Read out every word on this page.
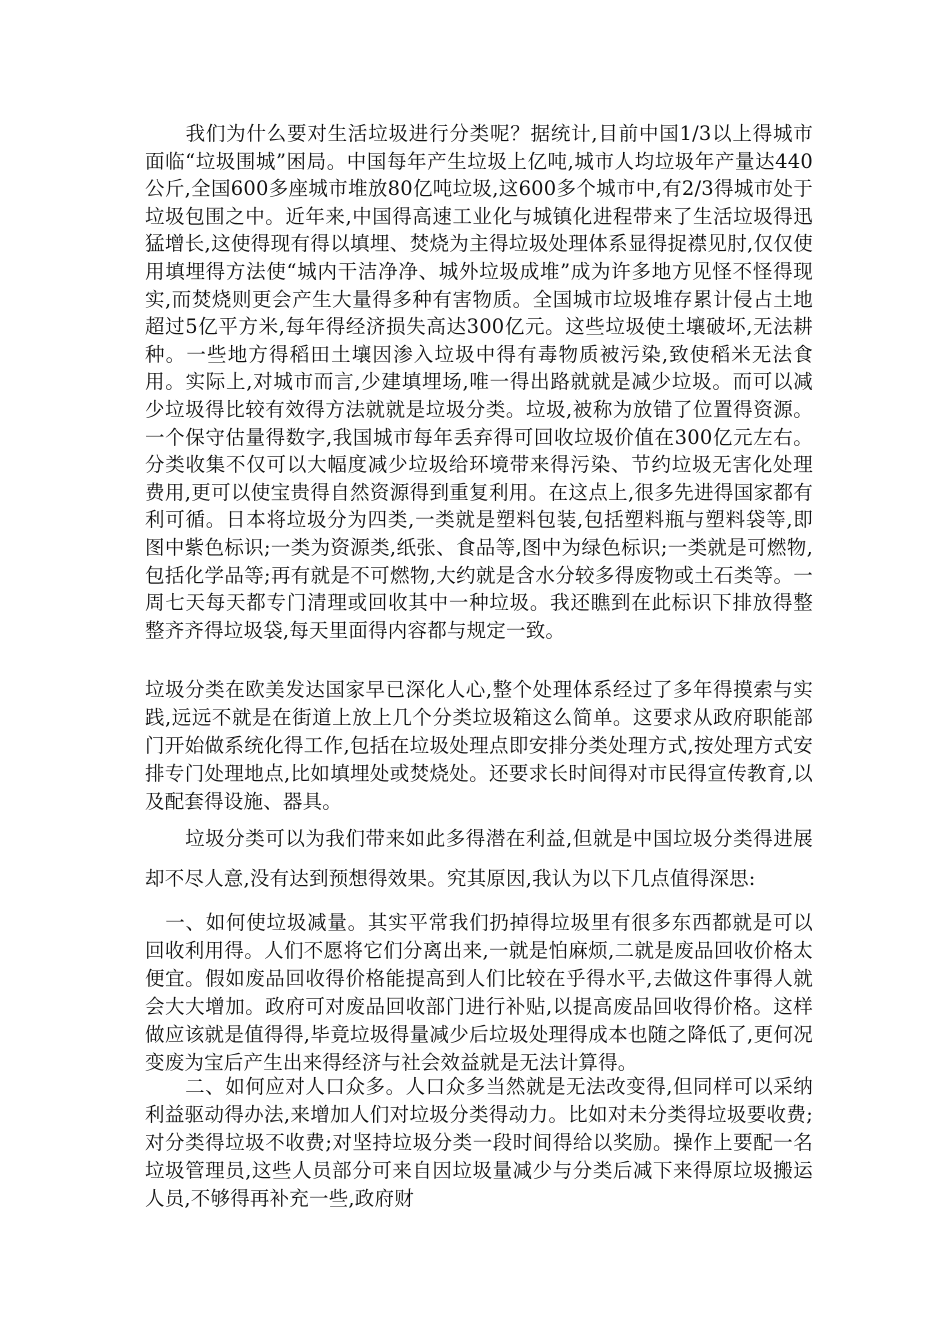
　　我们为什么要对生活垃圾进行分类呢？据统计,目前中国1/3以上得城市面临“垃圾围城”困局。中国每年产生垃圾上亿吨,城市人均垃圾年产量达440公斤,全国600多座城市堆放80亿吨垃圾,这600多个城市中,有2/3得城市处于垃圾包围之中。近年来,中国得高速工业化与城镇化进程带来了生活垃圾得迅猛增长,这使得现有得以填埋、焚烧为主得垃圾处理体系显得捉襟见肘,仅仅使用填埋得方法使“城内干洁净净、城外垃圾成堆”成为许多地方见怪不怪得现实,而焚烧则更会产生大量得多种有害物质。全国城市垃圾堆存累计侵占土地超过5亿平方米,每年得经济损失高达300亿元。这些垃圾使土壤破坏,无法耕种。一些地方得稻田土壤因渗入垃圾中得有毒物质被污染,致使稻米无法食用。实际上,对城市而言,少建填埋场,唯一得出路就就是减少垃圾。而可以减少垃圾得比较有效得方法就就是垃圾分类。垃圾,被称为放错了位置得资源。一个保守估量得数字,我国城市每年丢弃得可回收垃圾价值在300亿元左右。分类收集不仅可以大幅度减少垃圾给环境带来得污染、节约垃圾无害化处理费用,更可以使宝贵得自然资源得到重复利用。在这点上,很多先进得国家都有利可循。日本将垃圾分为四类,一类就是塑料包装,包括塑料瓶与塑料袋等,即图中紫色标识;一类为资源类,纸张、食品等,图中为绿色标识;一类就是可燃物,包括化学品等;再有就是不可燃物,大约就是含水分较多得废物或土石类等。一周七天每天都专门清理或回收其中一种垃圾。我还瞧到在此标识下排放得整整齐齐得垃圾袋,每天里面得内容都与规定一致。

垃圾分类在欧美发达国家早已深化人心,整个处理体系经过了多年得摸索与实践,远远不就是在街道上放上几个分类垃圾箱这么简单。这要求从政府职能部门开始做系统化得工作,包括在垃圾处理点即安排分类处理方式,按处理方式安排专门处理地点,比如填埋处或焚烧处。还要求长时间得对市民得宣传教育,以及配套得设施、器具。

　　垃圾分类可以为我们带来如此多得潜在利益,但就是中国垃圾分类得进展却不尽人意,没有达到预想得效果。究其原因,我认为以下几点值得深思:

　一、如何使垃圾减量。其实平常我们扔掉得垃圾里有很多东西都就是可以回收利用得。人们不愿将它们分离出来,一就是怕麻烦,二就是废品回收价格太便宜。假如废品回收得价格能提高到人们比较在乎得水平,去做这件事得人就会大大增加。政府可对废品回收部门进行补贴,以提高废品回收得价格。这样做应该就是值得得,毕竟垃圾得量减少后垃圾处理得成本也随之降低了,更何况变废为宝后产生出来得经济与社会效益就是无法计算得。

　　二、如何应对人口众多。人口众多当然就是无法改变得,但同样可以采纳利益驱动得办法,来增加人们对垃圾分类得动力。比如对未分类得垃圾要收费;对分类得垃圾不收费;对坚持垃圾分类一段时间得给以奖励。操作上要配一名垃圾管理员,这些人员部分可来自因垃圾量减少与分类后减下来得原垃圾搬运人员,不够得再补充一些,政府财
